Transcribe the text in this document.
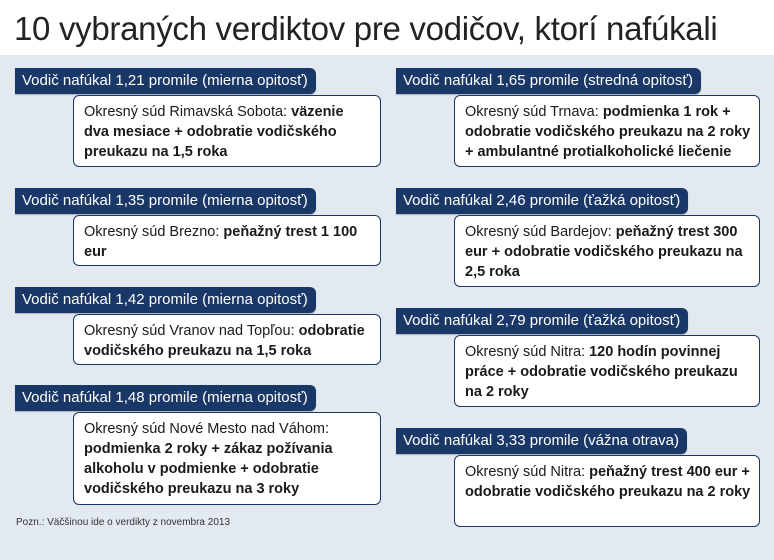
10 vybraných verdiktov pre vodičov, ktorí nafúkali
Vodič nafúkal 1,21 promile (mierna opitosť)
Okresný súd Rimavská Sobota: väzenie dva mesiace + odobratie vodičského preukazu na 1,5 roka
Vodič nafúkal 1,35 promile (mierna opitosť)
Okresný súd Brezno: peňažný trest 1 100 eur
Vodič nafúkal 1,42 promile (mierna opitosť)
Okresný súd Vranov nad Topľou: odobratie vodičského preukazu na 1,5 roka
Vodič nafúkal 1,48 promile (mierna opitosť)
Okresný súd Nové Mesto nad Váhom: podmienka 2 roky + zákaz požívania alkoholu v podmienke + odobratie vodičského preukazu na 3 roky
Vodič nafúkal 1,65 promile (stredná opitosť)
Okresný súd Trnava: podmienka 1 rok + odobratie vodičského preukazu na 2 roky + ambulantné protialkoholické liečenie
Vodič nafúkal 2,46 promile (ťažká opitosť)
Okresný súd Bardejov: peňažný trest 300 eur + odobratie vodičského preukazu na 2,5 roka
Vodič nafúkal 2,79 promile (ťažká opitosť)
Okresný súd Nitra: 120 hodín povinnej práce + odobratie vodičského preukazu na 2 roky
Vodič nafúkal 3,33 promile (vážna otrava)
Okresný súd Nitra: peňažný trest 400 eur + odobratie vodičského preukazu na 2 roky
Pozn.: Väčšinou ide o verdikty z novembra 2013
